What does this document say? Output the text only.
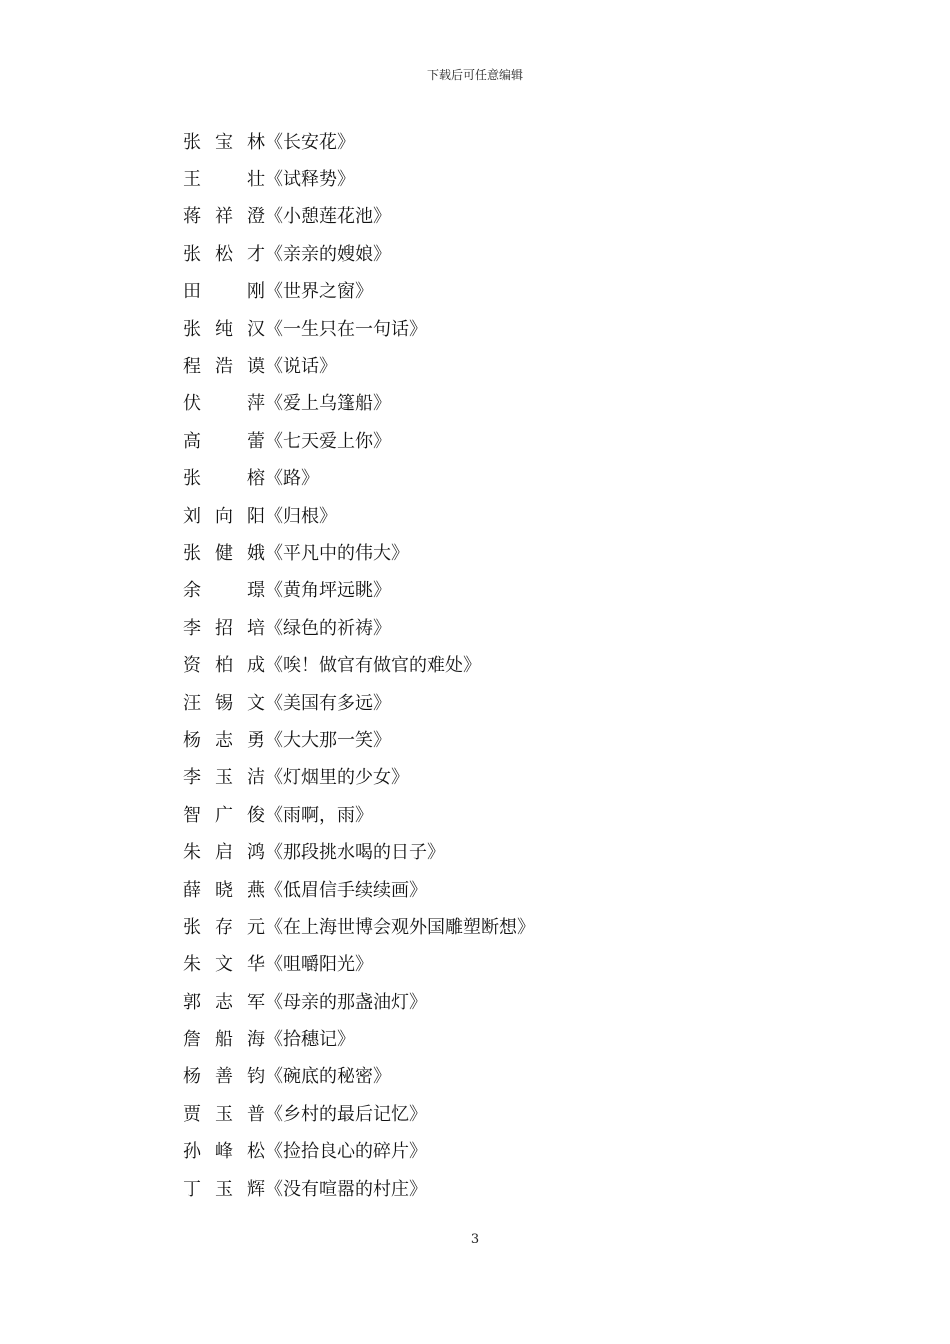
下载后可任意编辑
张宝林 《长安花》
王　壮 《试释势》
蒋祥澄 《小憩莲花池》
张松才 《亲亲的嫂娘》
田　刚 《世界之窗》
张纯汉 《一生只在一句话》
程浩谟 《说话》
伏　萍 《爱上乌篷船》
高　蕾 《七天爱上你》
张　榕 《路》
刘向阳 《归根》
张健娥 《平凡中的伟大》
余　璟 《黄角坪远眺》
李招培 《绿色的祈祷》
资柏成 《唉！做官有做官的难处》
汪锡文 《美国有多远》
杨志勇 《大大那一笑》
李玉洁 《灯烟里的少女》
智广俊 《雨啊，雨》
朱启鸿 《那段挑水喝的日子》
薛晓燕 《低眉信手续续画》
张存元 《在上海世博会观外国雕塑断想》
朱文华 《咀嚼阳光》
郭志军 《母亲的那盏油灯》
詹船海 《拾穗记》
杨善钧 《碗底的秘密》
贾玉普 《乡村的最后记忆》
孙峰松 《捡拾良心的碎片》
丁玉辉 《没有喧嚣的村庄》
3
